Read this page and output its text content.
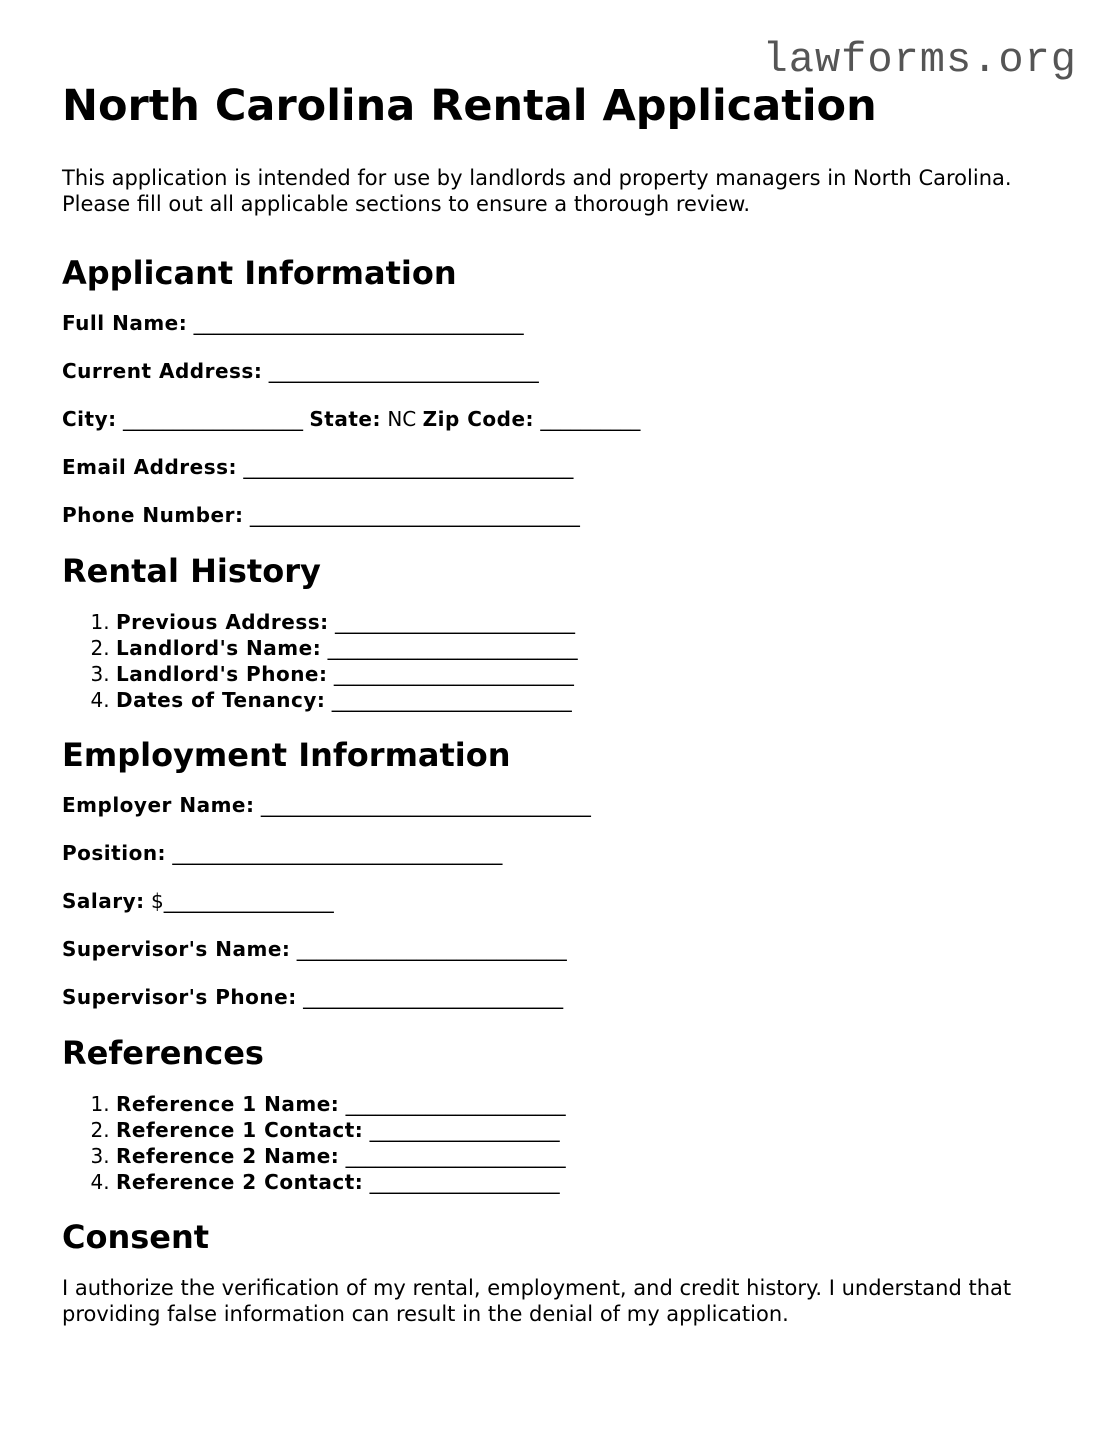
lawforms.org
North Carolina Rental Application

This application is intended for use by landlords and property managers in North Carolina.
Please fill out all applicable sections to ensure a thorough review.

Applicant Information
Full Name: _________________________________
Current Address: ___________________________
City: __________________ State: NC Zip Code: __________
Email Address: _________________________________
Phone Number: _________________________________
Rental History
1. Previous Address: ________________________
2. Landlord's Name: _________________________
3. Landlord's Phone: ________________________
4. Dates of Tenancy: ________________________
Employment Information
Employer Name: _________________________________
Position: _________________________________
Salary: $_________________
Supervisor's Name: ___________________________
Supervisor's Phone: __________________________
References
1. Reference 1 Name: ______________________
2. Reference 1 Contact: ___________________
3. Reference 2 Name: ______________________
4. Reference 2 Contact: ___________________
Consent

I authorize the verification of my rental, employment, and credit history. I understand that
providing false information can result in the denial of my application.
